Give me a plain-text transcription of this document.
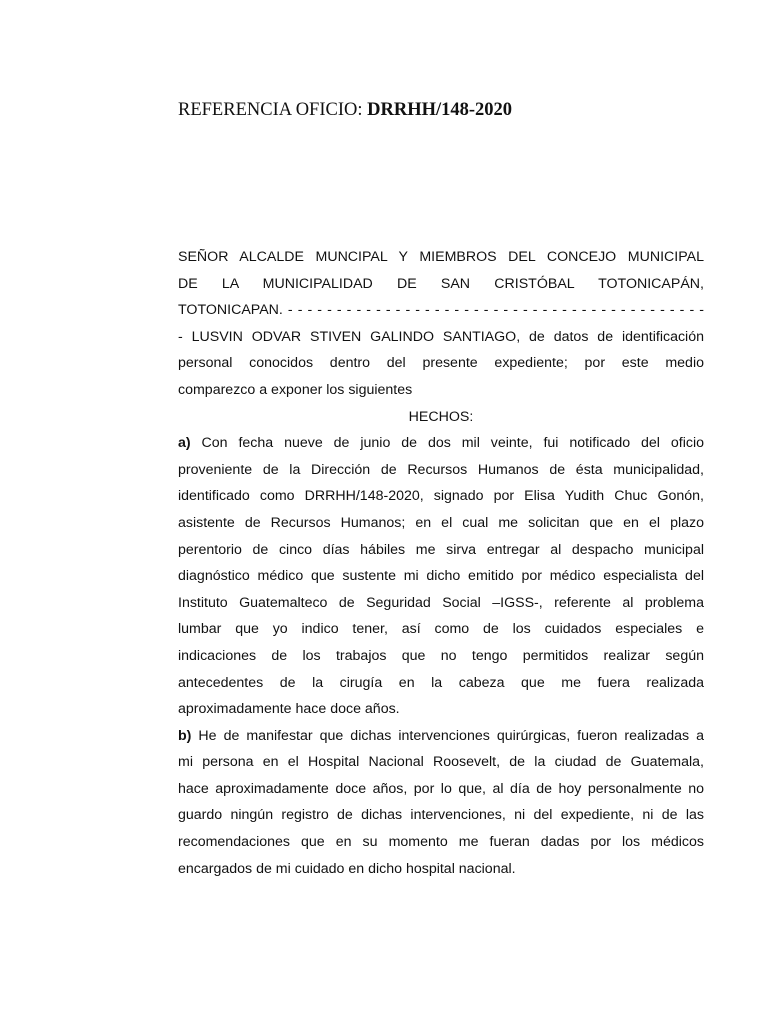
REFERENCIA OFICIO: DRRHH/148-2020
SEÑOR ALCALDE MUNCIPAL Y MIEMBROS DEL CONCEJO MUNICIPAL
DE LA MUNICIPALIDAD DE SAN CRISTÓBAL TOTONICAPÁN,
TOTONICAPAN. - - - - - - - - - - - - - - - - - - - - - - - - - - - - - - - - - - - - - - - - - - -
- LUSVIN ODVAR STIVEN GALINDO SANTIAGO, de datos de identificación
personal conocidos dentro del presente expediente; por este medio
comparezco a exponer los siguientes
HECHOS:
a) Con fecha nueve de junio de dos mil veinte, fui notificado del oficio
proveniente de la Dirección de Recursos Humanos de ésta municipalidad,
identificado como DRRHH/148-2020, signado por Elisa Yudith Chuc Gonón,
asistente de Recursos Humanos; en el cual me solicitan que en el plazo
perentorio de cinco días hábiles me sirva entregar al despacho municipal
diagnóstico médico que sustente mi dicho emitido por médico especialista del
Instituto Guatemalteco de Seguridad Social –IGSS-, referente al problema
lumbar que yo indico tener, así como de los cuidados especiales e
indicaciones de los trabajos que no tengo permitidos realizar según
antecedentes de la cirugía en la cabeza que me fuera realizada
aproximadamente hace doce años.
b) He de manifestar que dichas intervenciones quirúrgicas, fueron realizadas a
mi persona en el Hospital Nacional Roosevelt, de la ciudad de Guatemala,
hace aproximadamente doce años, por lo que, al día de hoy personalmente no
guardo ningún registro de dichas intervenciones, ni del expediente, ni de las
recomendaciones que en su momento me fueran dadas por los médicos
encargados de mi cuidado en dicho hospital nacional.
